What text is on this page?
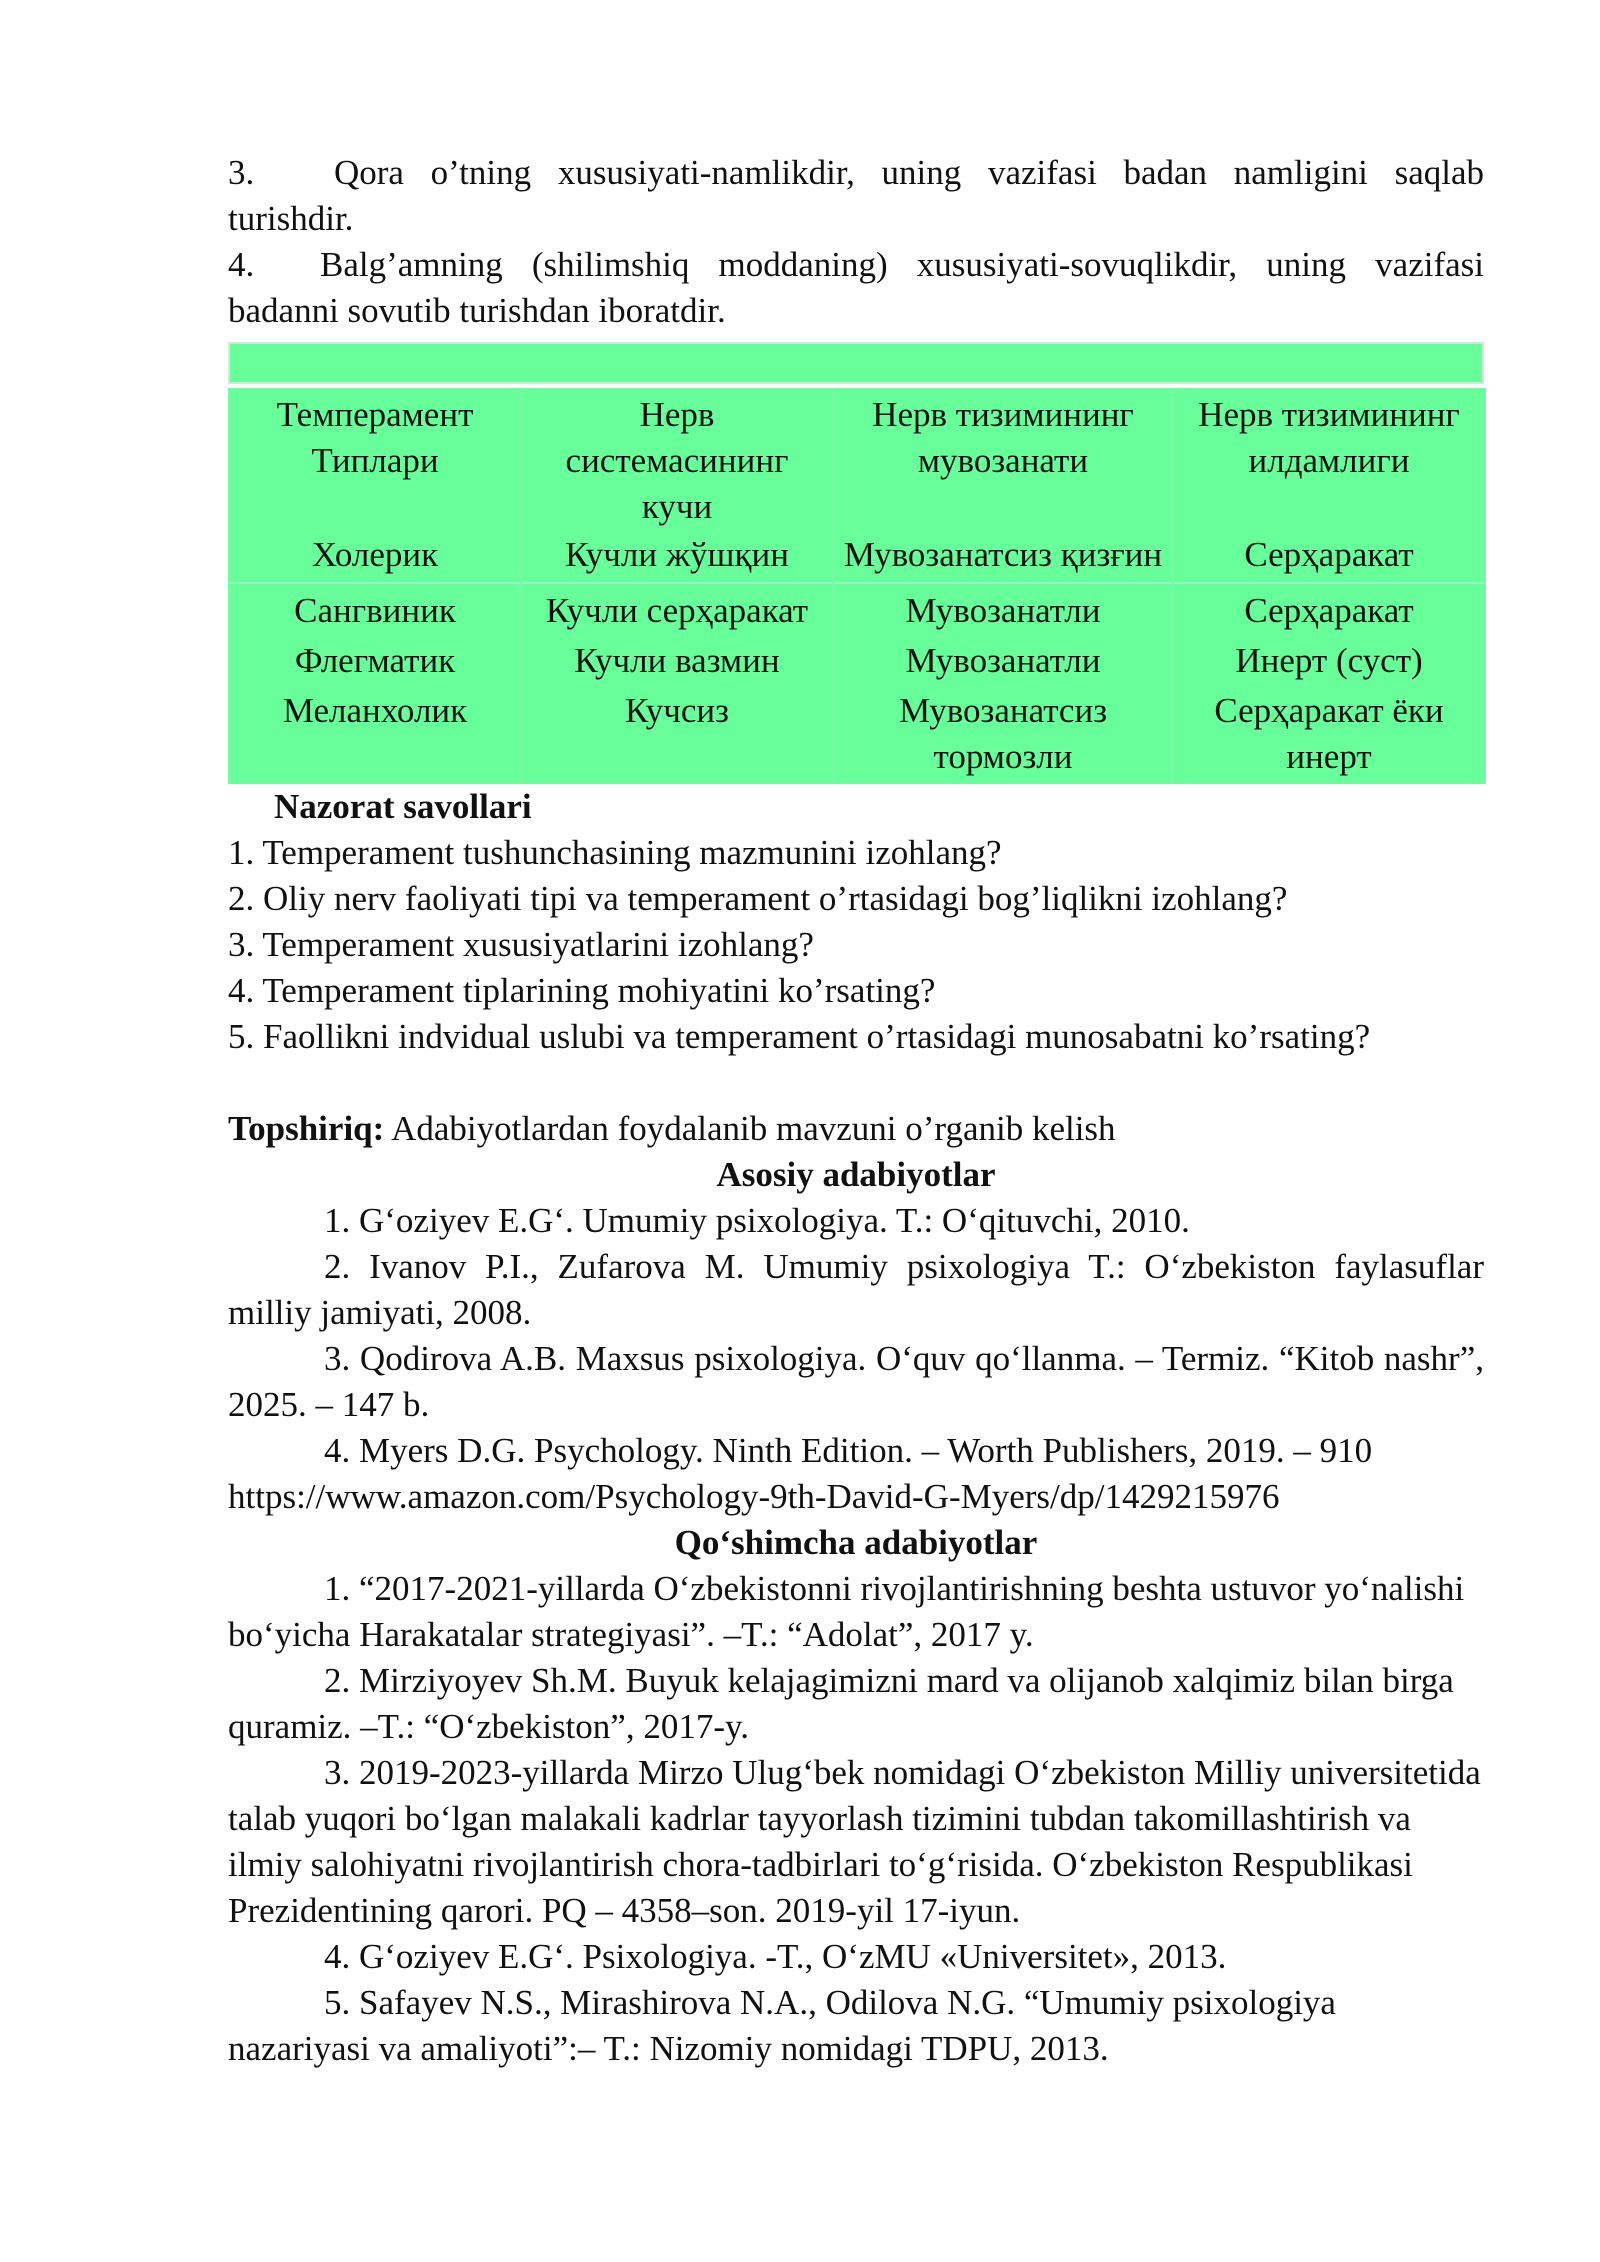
3. Qora o’tning xususiyati-namlikdir, uning vazifasi badan namligini saqlab turishdir.

4. Balg’amning (shilimshiq moddaning) xususiyati-sovuqlikdir, uning vazifasi badanni sovutib turishdan iboratdir.

Темперамент Типлари	Нерв системасининг кучи	Нерв тизимининг мувозанати	Нерв тизимининг илдамлиги
Холерик	Кучли жўшқин	Мувозанатсиз қизғин	Серҳаракат
Сангвиник	Кучли серҳаракат	Мувозанатли	Серҳаракат
Флегматик	Кучли вазмин	Мувозанатли	Инерт (суст)
Меланхолик	Кучсиз	Мувозанатсиз тормозли	Серҳаракат ёки инерт

Nazorat savollari

1. Temperament tushunchasining mazmunini izohlang?

2. Oliy nerv faoliyati tipi va temperament o’rtasidagi bog’liqlikni izohlang?

3. Temperament xususiyatlarini izohlang?

4. Temperament tiplarining mohiyatini ko’rsating?

5. Faollikni indvidual uslubi va temperament o’rtasidagi munosabatni ko’rsating?

Topshiriq: Adabiyotlardan foydalanib mavzuni o’rganib kelish

Asosiy adabiyotlar

1. G‘oziyev E.G‘. Umumiy psixologiya. T.: O‘qituvchi, 2010.

2. Ivanov P.I., Zufarova M. Umumiy psixologiya T.: O‘zbekiston faylasuflar milliy jamiyati, 2008.

3. Qodirova A.B. Maxsus psixologiya. O‘quv qo‘llanma. – Termiz. “Kitob nashr”, 2025. – 147 b.

4. Myers D.G. Psychology. Ninth Edition. – Worth Publishers, 2019. – 910 https://www.amazon.com/Psychology-9th-David-G-Myers/dp/1429215976

Qo‘shimcha adabiyotlar

1. “2017-2021-yillarda O‘zbekistonni rivojlantirishning beshta ustuvor yo‘nalishi bo‘yicha Harakatalar strategiyasi”. –T.: “Adolat”, 2017 y.

2. Mirziyoyev Sh.M. Buyuk kelajagimizni mard va olijanob xalqimiz bilan birga quramiz. –T.: “O‘zbekiston”, 2017-y.

3. 2019-2023-yillarda Mirzo Ulug‘bek nomidagi O‘zbekiston Milliy universitetida talab yuqori bo‘lgan malakali kadrlar tayyorlash tizimini tubdan takomillashtirish va ilmiy salohiyatni rivojlantirish chora-tadbirlari to‘g‘risida. O‘zbekiston Respublikasi Prezidentining qarori. PQ – 4358–son. 2019-yil 17-iyun.

4. G‘oziyev E.G‘. Psixologiya. -T., O‘zMU «Universitet», 2013.

5. Safayev N.S., Mirashirova N.A., Odilova N.G. “Umumiy psixologiya nazariyasi va amaliyoti”:– T.: Nizomiy nomidagi TDPU, 2013.
